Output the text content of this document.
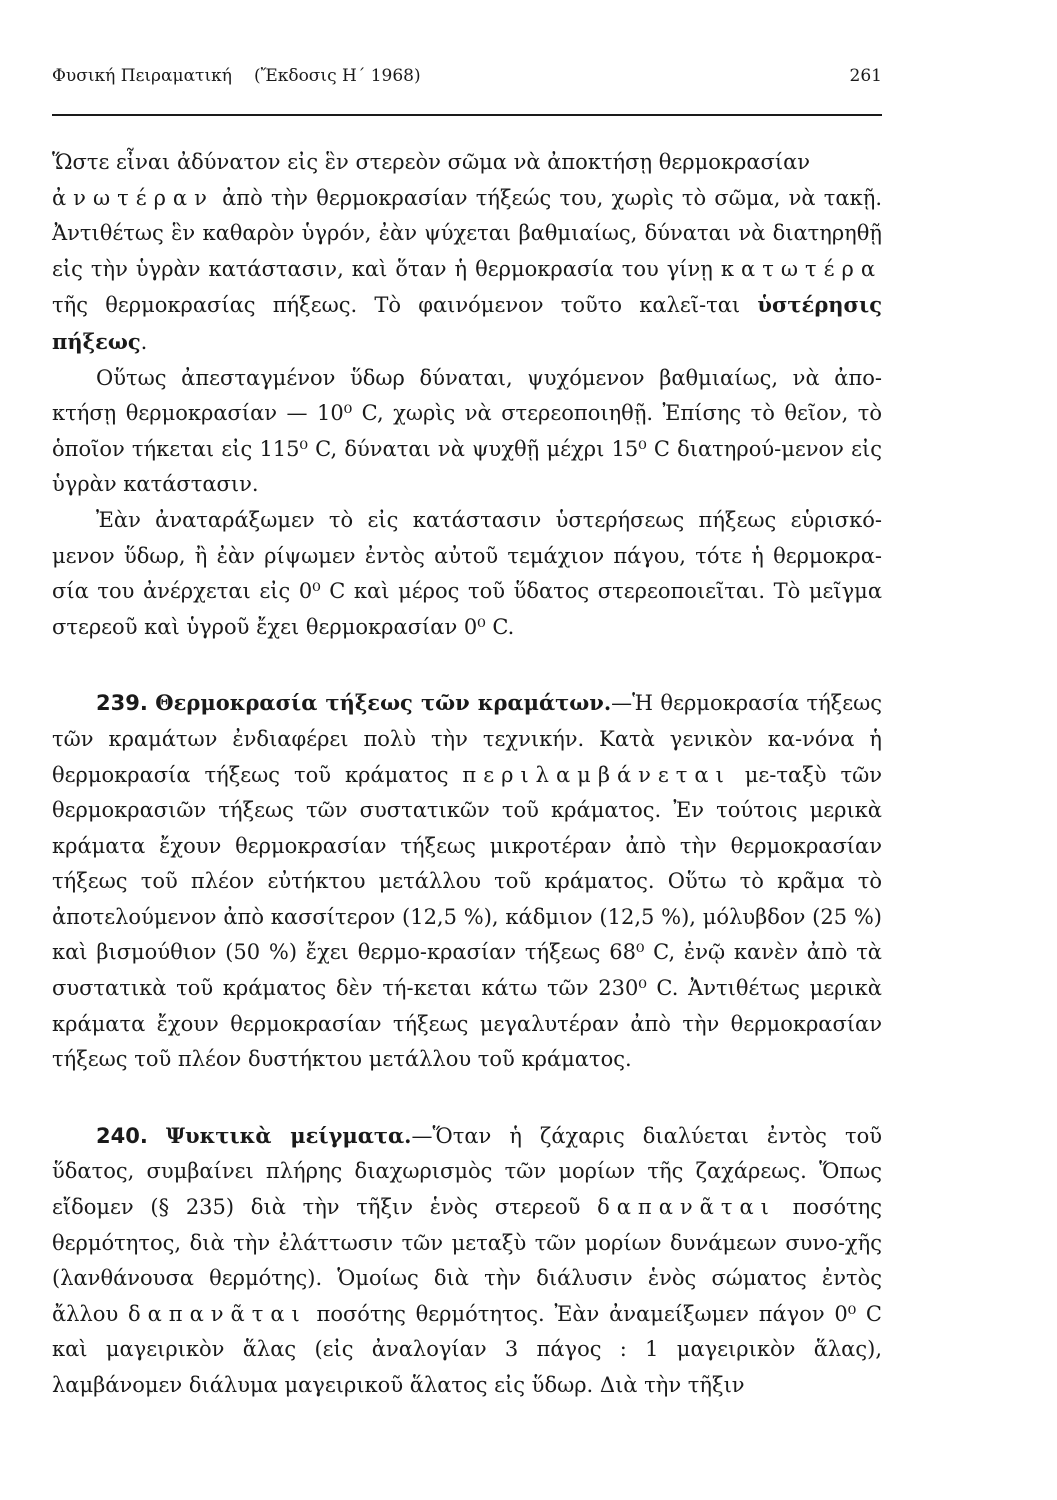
Φυσική Πειραματική (Ἔκδοσις Η΄ 1968)	261

Ὥστε εἶναι ἀδύνατον εἰς ἓν στερεὸν σῶμα νὰ ἀποκτήσῃ θερμοκρασίαν
ἀνωτέραν ἀπὸ τὴν θερμοκρασίαν τήξεώς του, χωρὶς τὸ σῶμα, νὰ τακῇ. Ἀντιθέτως ἓν καθαρὸν ὑγρόν, ἐὰν ψύχεται βαθμιαίως, δύναται νὰ διατηρηθῇ εἰς τὴν ὑγρὰν κατάστασιν, καὶ ὅταν ἡ θερμοκρασία του γίνῃ κατωτέρα τῆς θερμοκρασίας πήξεως. Τὸ φαινόμενον τοῦτο καλεῖ-ται ὑστέρησις πήξεως.

Οὕτως ἀπεσταγμένον ὕδωρ δύναται, ψυχόμενον βαθμιαίως, νὰ ἀπο-κτήσῃ θερμοκρασίαν — 10⁰ C, χωρὶς νὰ στερεοποιηθῇ. Ἐπίσης τὸ θεῖον, τὸ ὁποῖον τήκεται εἰς 115⁰ C, δύναται νὰ ψυχθῇ μέχρι 15⁰ C διατηρού-μενον εἰς ὑγρὰν κατάστασιν.

Ἐὰν ἀναταράξωμεν τὸ εἰς κατάστασιν ὑστερήσεως πήξεως εὑρισκό-μενον ὕδωρ, ἢ ἐὰν ρίψωμεν ἐντὸς αὐτοῦ τεμάχιον πάγου, τότε ἡ θερμοκρα-σία του ἀνέρχεται εἰς 0⁰ C καὶ μέρος τοῦ ὕδατος στερεοποιεῖται. Τὸ μεῖγμα στερεοῦ καὶ ὑγροῦ ἔχει θερμοκρασίαν 0⁰ C.

239. Θερμοκρασία τήξεως τῶν κραμάτων.—Ἡ θερμοκρασία τήξεως τῶν κραμάτων ἐνδιαφέρει πολὺ τὴν τεχνικήν. Κατὰ γενικὸν κα-νόνα ἡ θερμοκρασία τήξεως τοῦ κράματος περιλαμβάνεται με-ταξὺ τῶν θερμοκρασιῶν τήξεως τῶν συστατικῶν τοῦ κράματος. Ἐν τούτοις μερικὰ κράματα ἔχουν θερμοκρασίαν τήξεως μικροτέραν ἀπὸ τὴν θερμοκρασίαν τήξεως τοῦ πλέον εὐτήκτου μετάλλου τοῦ κράματος. Οὕτω τὸ κρᾶμα τὸ ἀποτελούμενον ἀπὸ κασσίτερον (12,5 %), κάδμιον (12,5 %), μόλυβδον (25 %) καὶ βισμούθιον (50 %) ἔχει θερμο-κρασίαν τήξεως 68⁰ C, ἐνῷ κανὲν ἀπὸ τὰ συστατικὰ τοῦ κράματος δὲν τή-κεται κάτω τῶν 230⁰ C. Ἀντιθέτως μερικὰ κράματα ἔχουν θερμοκρασίαν τήξεως μεγαλυτέραν ἀπὸ τὴν θερμοκρασίαν τήξεως τοῦ πλέον δυστήκτου μετάλλου τοῦ κράματος.

240. Ψυκτικὰ μείγματα.—Ὅταν ἡ ζάχαρις διαλύεται ἐντὸς τοῦ ὕδατος, συμβαίνει πλήρης διαχωρισμὸς τῶν μορίων τῆς ζαχάρεως. Ὅπως εἴδομεν (§ 235) διὰ τὴν τῆξιν ἑνὸς στερεοῦ δαπανᾶται ποσότης θερμότητος, διὰ τὴν ἐλάττωσιν τῶν μεταξὺ τῶν μορίων δυνάμεων συνο-χῆς (λανθάνουσα θερμότης). Ὁμοίως διὰ τὴν διάλυσιν ἑνὸς σώματος ἐντὸς ἄλλου δαπανᾶται ποσότης θερμότητος. Ἐὰν ἀναμείξωμεν πάγον 0⁰ C καὶ μαγειρικὸν ἅλας (εἰς ἀναλογίαν 3 πάγος : 1 μαγειρικὸν ἅλας), λαμβάνομεν διάλυμα μαγειρικοῦ ἅλατος εἰς ὕδωρ. Διὰ τὴν τῆξιν
